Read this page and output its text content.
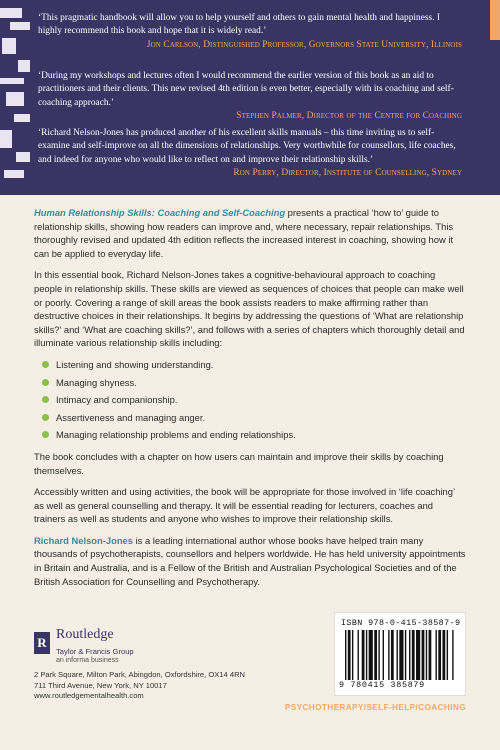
‘This pragmatic handbook will allow you to help yourself and others to gain mental health and happiness. I highly recommend this book and hope that it is widely read.’
Jon Carlson, Distinguished Professor, Governors State University, Illinois
‘During my workshops and lectures often I would recommend the earlier version of this book as an aid to practitioners and their clients. This new revised 4th edition is even better, especially with its coaching and self-coaching approach.’
Stephen Palmer, Director of the Centre for Coaching
‘Richard Nelson-Jones has produced another of his excellent skills manuals – this time inviting us to self-examine and self-improve on all the dimensions of relationships. Very worthwhile for counsellors, life coaches, and indeed for anyone who would like to reflect on and improve their relationship skills.’
Ron Perry, Director, Institute of Counselling, Sydney

Human Relationship Skills: Coaching and Self-Coaching presents a practical ‘how to’ guide to relationship skills, showing how readers can improve and, where necessary, repair relationships. This thoroughly revised and updated 4th edition reflects the increased interest in coaching, showing how it can be applied to everyday life.

In this essential book, Richard Nelson-Jones takes a cognitive-behavioural approach to coaching people in relationship skills. These skills are viewed as sequences of choices that people can make well or poorly. Covering a range of skill areas the book assists readers to make affirming rather than destructive choices in their relationships. It begins by addressing the questions of ‘What are relationship skills?’ and ‘What are coaching skills?’, and follows with a series of chapters which thoroughly detail and illuminate various relationship skills including:

Listening and showing understanding.
Managing shyness.
Intimacy and companionship.
Assertiveness and managing anger.
Managing relationship problems and ending relationships.

The book concludes with a chapter on how users can maintain and improve their skills by coaching themselves.

Accessibly written and using activities, the book will be appropriate for those involved in ‘life coaching’ as well as general counselling and therapy. It will be essential reading for lecturers, coaches and trainers as well as students and anyone who wishes to improve their relationship skills.

Richard Nelson-Jones is a leading international author whose books have helped train many thousands of psychotherapists, counsellors and helpers worldwide. He has held university appointments in Britain and Australia, and is a Fellow of the British and Australian Psychological Societies and of the British Association for Counselling and Psychotherapy.

R
Routledge
Taylor & Francis Group
an informa business
2 Park Square, Milton Park, Abingdon, Oxfordshire, OX14 4RN
711 Third Avenue, New York, NY 10017
www.routledgementalhealth.com
ISBN 978-0-415-38587-9
9 780415 385879
PSYCHOTHERAPY/SELF-HELP/COACHING
